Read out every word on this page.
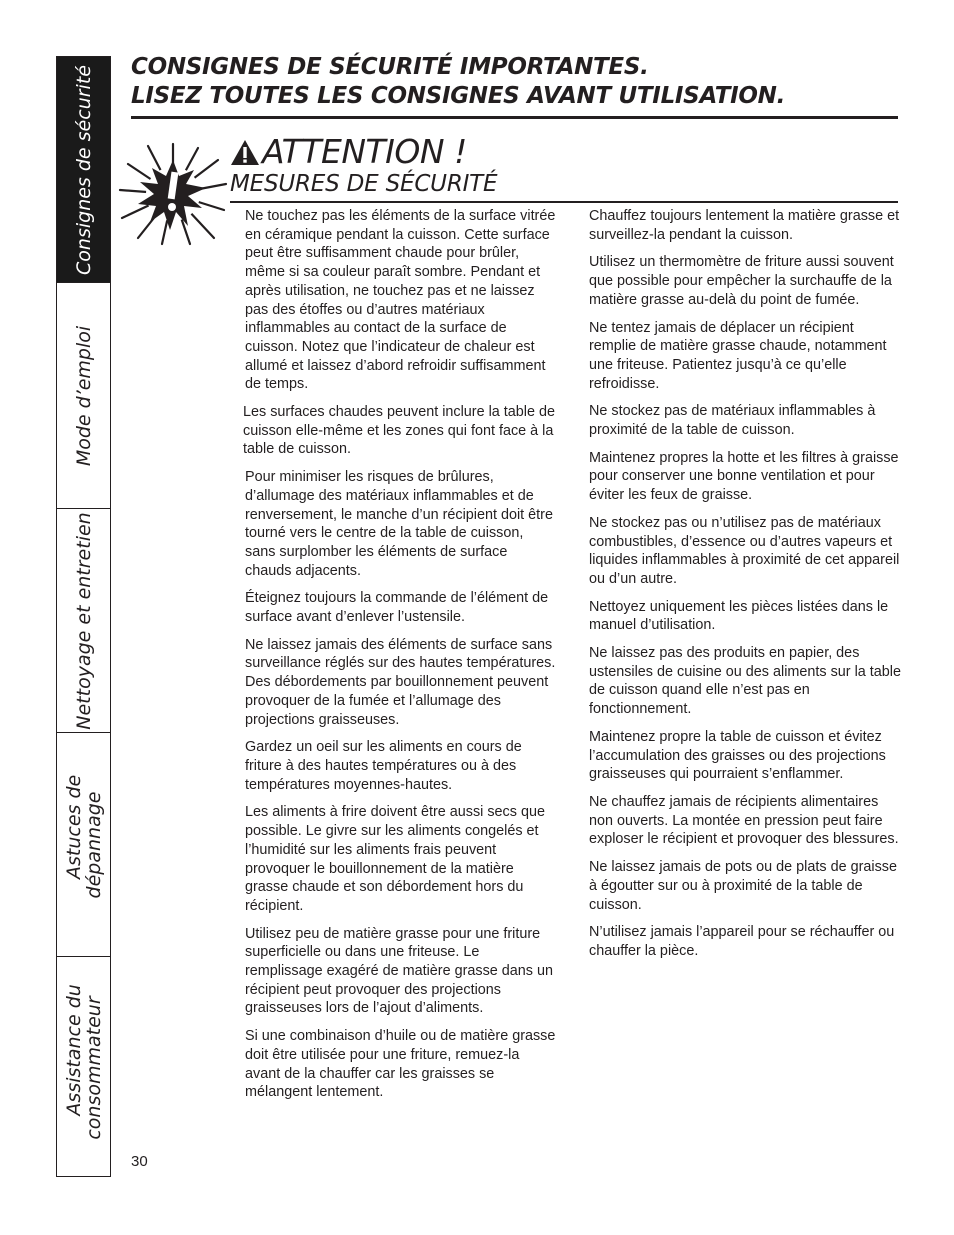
Consignes de sécurité
Mode d’emploi
Nettoyage et entretien

Astuces de
dépannage

Assistance du
consommateur

CONSIGNES DE SÉCURITÉ IMPORTANTES.
LISEZ TOUTES LES CONSIGNES AVANT UTILISATION.
ATTENTION !
MESURES DE SÉCURITÉ

Ne touchez pas les éléments de la surface vitrée en céramique pendant la cuisson. Cette surface peut être suffisamment chaude pour brûler, même si sa couleur paraît sombre. Pendant et après utilisation, ne touchez pas et ne laissez pas des étoffes ou d’autres matériaux inflammables au contact de la surface de cuisson. Notez que l’indicateur de chaleur est allumé et laissez d’abord refroidir suffisamment de temps.

Les surfaces chaudes peuvent inclure la table de cuisson elle-même et les zones qui font face à la table de cuisson.

Pour minimiser les risques de brûlures, d’allumage des matériaux inflammables et de renversement, le manche d’un récipient doit être tourné vers le centre de la table de cuisson, sans surplomber les éléments de surface chauds adjacents.

Éteignez toujours la commande de l’élément de surface avant d’enlever l’ustensile.

Ne laissez jamais des éléments de surface sans surveillance réglés sur des hautes températures. Des débordements par bouillonnement peuvent provoquer de la fumée et l’allumage des projections graisseuses.

Gardez un oeil sur les aliments en cours de friture à des hautes températures ou à des températures moyennes-hautes.

Les aliments à frire doivent être aussi secs que possible. Le givre sur les aliments congelés et l’humidité sur les aliments frais peuvent provoquer le bouillonnement de la matière grasse chaude et son débordement hors du récipient.

Utilisez peu de matière grasse pour une friture superficielle ou dans une friteuse. Le remplissage exagéré de matière grasse dans un récipient peut provoquer des projections graisseuses lors de l’ajout d’aliments.

Si une combinaison d’huile ou de matière grasse doit être utilisée pour une friture, remuez-la avant de la chauffer car les graisses se mélangent lentement.

Chauffez toujours lentement la matière grasse et surveillez-la pendant la cuisson.

Utilisez un thermomètre de friture aussi souvent que possible pour empêcher la surchauffe de la matière grasse au-delà du point de fumée.

Ne tentez jamais de déplacer un récipient remplie de matière grasse chaude, notamment une friteuse. Patientez jusqu’à ce qu’elle refroidisse.

Ne stockez pas de matériaux inflammables à proximité de la table de cuisson.

Maintenez propres la hotte et les filtres à graisse pour conserver une bonne ventilation et pour éviter les feux de graisse.

Ne stockez pas ou n’utilisez pas de matériaux combustibles, d’essence ou d’autres vapeurs et liquides inflammables à proximité de cet appareil ou d’un autre.

Nettoyez uniquement les pièces listées dans le manuel d’utilisation.

Ne laissez pas des produits en papier, des ustensiles de cuisine ou des aliments sur la table de cuisson quand elle n’est pas en fonctionnement.

Maintenez propre la table de cuisson et évitez l’accumulation des graisses ou des projections graisseuses qui pourraient s’enflammer.

Ne chauffez jamais de récipients alimentaires non ouverts. La montée en pression peut faire exploser le récipient et provoquer des blessures.

Ne laissez jamais de pots ou de plats de graisse à égoutter sur ou à proximité de la table de cuisson.

N’utilisez jamais l’appareil pour se réchauffer ou chauffer la pièce.

30
